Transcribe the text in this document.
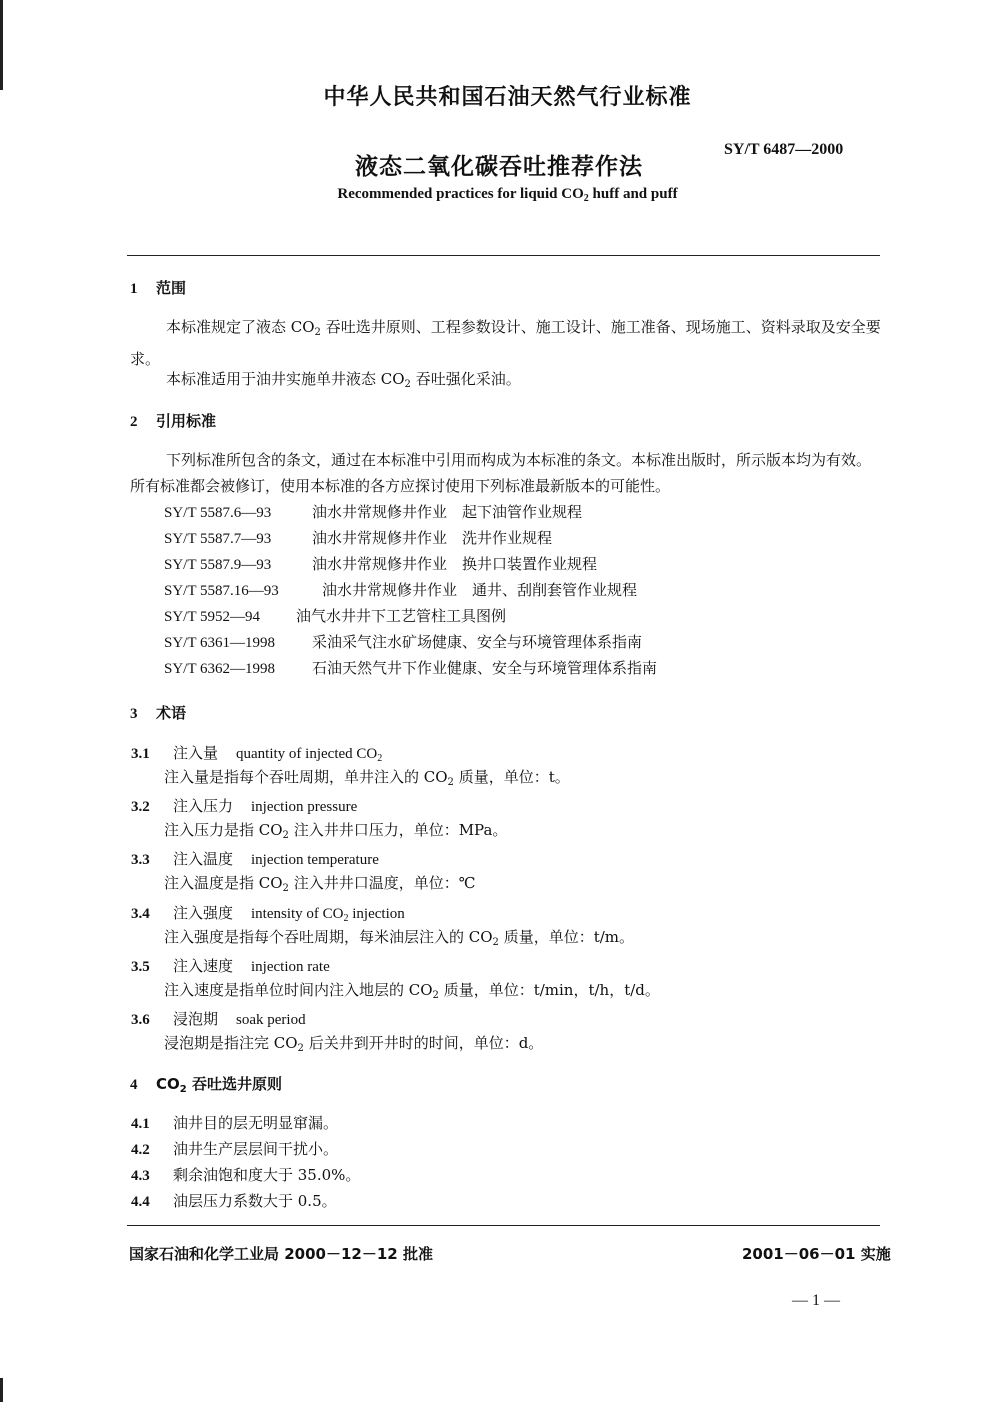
中华人民共和国石油天然气行业标准
SY/T 6487—2000
液态二氧化碳吞吐推荐作法
Recommended practices for liquid $CO_2$ huff and puff
1 范围
本标准规定了液态 $CO_2$ 吞吐选井原则、工程参数设计、施工设计、施工准备、现场施工、资料录取及安全要求。
本标准适用于油井实施单井液态 $CO_2$ 吞吐强化采油。
2 引用标准
下列标准所包含的条文，通过在本标准中引用而构成为本标准的条文。本标准出版时，所示版本均为有效。所有标准都会被修订，使用本标准的各方应探讨使用下列标准最新版本的可能性。
SY/T 5587.6—93	油水井常规修井作业　起下油管作业规程
SY/T 5587.7—93	油水井常规修井作业　洗井作业规程
SY/T 5587.9—93	油水井常规修井作业　换井口装置作业规程
SY/T 5587.16—93	油水井常规修井作业　通井、刮削套管作业规程
SY/T 5952—94 油气水井井下工艺管柱工具图例
SY/T 6361—1998 采油采气注水矿场健康、安全与环境管理体系指南
SY/T 6362—1998 石油天然气井下作业健康、安全与环境管理体系指南
3 术语
3.1 注入量 quantity of injected $CO_2$
注入量是指每个吞吐周期，单井注入的 $CO_2$ 质量，单位：t。
3.2 注入压力 injection pressure
注入压力是指 $CO_2$ 注入井井口压力，单位：MPa。
3.3 注入温度 injection temperature
注入温度是指 $CO_2$ 注入井井口温度，单位：℃
3.4 注入强度 intensity of $CO_2$ injection
注入强度是指每个吞吐周期，每米油层注入的 $CO_2$ 质量，单位：t/m。
3.5 注入速度 injection rate
注入速度是指单位时间内注入地层的 $CO_2$ 质量，单位：t/min，t/h，t/d。
3.6 浸泡期 soak period
浸泡期是指注完 $CO_2$ 后关井到开井时的时间，单位：d。
4 $CO_2$ 吞吐选井原则
4.1 油井目的层无明显窜漏。
4.2 油井生产层层间干扰小。
4.3 剩余油饱和度大于 35.0%。
4.4 油层压力系数大于 0.5。
国家石油和化学工业局 2000－12－12 批准	2001－06－01 实施
— 1 —
